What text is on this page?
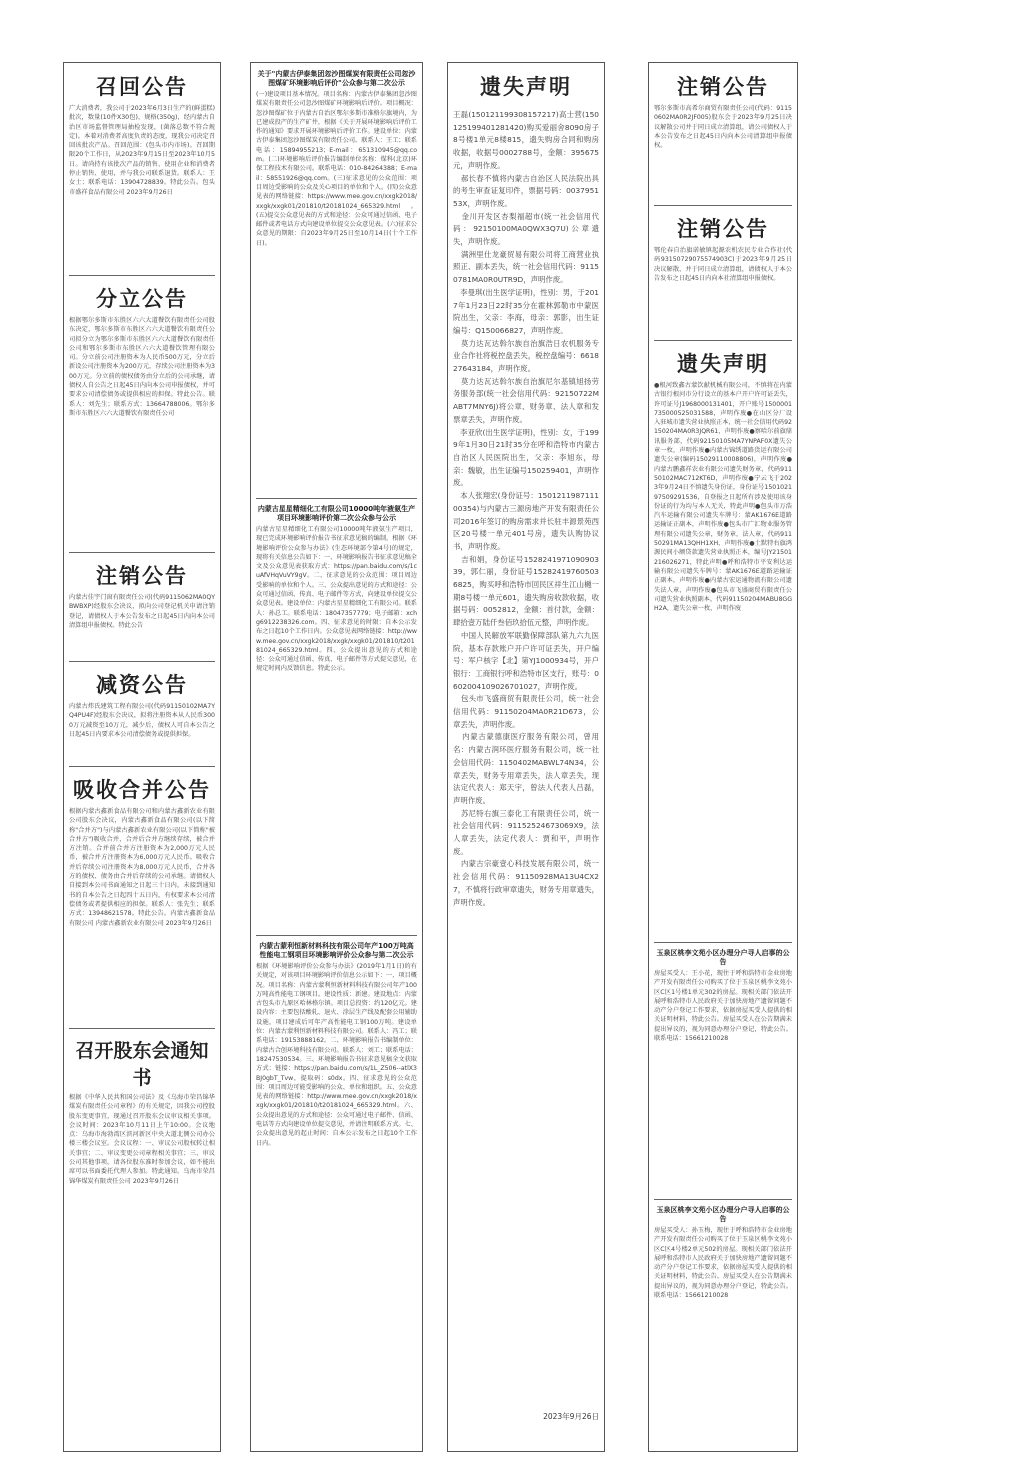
召回公告
广大消费者，我公司于2023年6月3日生产的(鲜蛋糕)批次，数量(10件X30包)，规格(350g)，经内蒙古自治区市场监督管理局抽检发现，(菌落总数不符合规定)。本着对消费者高度负责的态度，现我公司决定召回该批次产品。召回范围：(包头市内市场)。召回期限20个工作日，从2023年9月15日至2023年10月5日。请尚持有该批次产品的销售、使用企业和消费者停止销售、使用，并与我公司联系退货。联系人：王女士；联系电话：13904728839。特此公告。包头市盛祥食品有限公司 2023年9月26日
分立公告
根据鄂尔多斯市东胜区六六大道餐饮有限责任公司股东决定，鄂尔多斯市东胜区六六大道餐饮有限责任公司拟分立为鄂尔多斯市东胜区六六大道餐饮有限责任公司和鄂尔多斯市东胜区六六大道餐饮管理有限公司。分立前公司注册资本为人民币500万元，分立后新设公司注册资本为200万元，存续公司注册资本为300万元。分立前的债权债务由分立后的公司承继，请债权人自公告之日起45日内向本公司申报债权，并可要求公司清偿债务或提供相应的担保。特此公告。联系人：刘先生；联系方式：13664788006。鄂尔多斯市东胜区六六大道餐饮有限责任公司
注销公告
内蒙古佳宇门窗有限责任公司(代码9115062MA0QYBWBXP)经股东会决议，拟向公司登记机关申请注销登记，请债权人于本公告发布之日起45日内向本公司清算组申报债权。特此公告
减资公告
内蒙古炜氏建筑工程有限公司(代码91150102MA7YQ4PU4F)经股东会决议，拟将注册资本从人民币3000万元减资至10万元，减少后，债权人可自本公告之日起45日内要求本公司清偿债务或提供担保。
吸收合并公告
根据内蒙古鑫新食品有限公司和内蒙古鑫新农业有限公司股东会决议，内蒙古鑫新食品有限公司(以下简称"合并方")与内蒙古鑫新农业有限公司(以下简称"被合并方")吸收合并，合并后合并方继续存续，被合并方注销。合并前合并方注册资本为2,000万元人民币，被合并方注册资本为6,000万元人民币。吸收合并后存续公司注册资本为8,000万元人民币，合并各方的债权、债务由合并后存续的公司承继。请债权人自接到本公司书面通知之日起三十日内，未接到通知书的自本公告之日起四十五日内，有权要求本公司清偿债务或者提供相应的担保。联系人：张先生；联系方式：13948621578。特此公告。内蒙古鑫新食品有限公司 内蒙古鑫新农业有限公司 2023年9月26日
召开股东会通知书
根据《中华人民共和国公司法》及《乌海市荣昌锦华煤炭有限责任公司章程》的有关规定，因我公司控股股东变更事宜，现通过召开股东会议审议相关事项。会议时间：2023年10月11日上午10:00。会议地点：乌海市海勃湾区滨河新区中央大道北侧公司办公楼三楼会议室。会议议程：一、审议公司股权转让相关事宜；二、审议变更公司章程相关事宜；三、审议公司其他事项。请各位股东准时参加会议，如不能出席可以书面委托代理人参加。特此通知。乌海市荣昌锦华煤炭有限责任公司 2023年9月26日
关于"内蒙古伊泰集团忽沙图煤炭有限责任公司忽沙图煤矿环境影响后评价"公众参与第二次公示
(一)建设项目基本情况。项目名称：内蒙古伊泰集团忽沙图煤炭有限责任公司忽沙图煤矿环境影响后评价。项目概况：忽沙图煤矿位于内蒙古自治区鄂尔多斯市准格尔旗境内，为已建成投产的生产矿井，根据《关于开展环境影响后评价工作的通知》要求开展环境影响后评价工作。建设单位：内蒙古伊泰集团忽沙图煤炭有限责任公司。联系人：王工；联系电话：15894955213；E-mail：651310945@qq.com。(二)环境影响后评价报告编制单位名称：煤科(北京)环保工程技术有限公司。联系电话：010-84264388；E-mail：58551926@qq.com。(三)征求意见的公众范围：项目周边受影响的公众及关心项目的单位和个人。(四)公众意见表的网络链接：https://www.mee.gov.cn/xxgk2018/xxgk/xxgk01/201810/t20181024_665329.html。(五)提交公众意见表的方式和途径：公众可通过信函、电子邮件或者电话方式向建设单位提交公众意见表。(六)征求公众意见的期限：自2023年9月25日至10月14日(十个工作日)。
内蒙古星星精细化工有限公司10000吨年液氨生产项目环境影响评价第二次公众参与公示
内蒙古星星精细化工有限公司10000吨年液氨生产项目，现已完成环境影响评价报告书征求意见稿的编制，根据《环境影响评价公众参与办法》(生态环境部令第4号)的规定，现将有关信息公告如下：一、环境影响报告书征求意见稿全文及公众意见表获取方式：https://pan.baidu.com/s/1cuAfVHqVuVY9gV。二、征求意见的公众范围：项目周边受影响的单位和个人。三、公众提出意见的方式和途径：公众可通过信函、传真、电子邮件等方式，向建设单位提交公众意见表。建设单位：内蒙古星星精细化工有限公司。联系人：孙总工。联系电话：18047357779；电子邮箱：xchg6912238326.com。四、征求意见的时限：自本公示发布之日起10个工作日内。公众意见表网络链接：http://www.mee.gov.cn/xxgk2018/xxgk/xxgk01/201810/t20181024_665329.html。四、公众提出意见的方式和途径：公众可通过信函、传真、电子邮件等方式提交意见，在规定时间内反馈信息。特此公示。
内蒙古蒙利恒新材料科技有限公司年产100万吨高性能电工钢项目环境影响评价公众参与第二次公示
根据《环境影响评价公众参与办法》(2019年1月1日)的有关规定，对该项目环境影响评价信息公示如下：一、项目概况。项目名称：内蒙古蒙利恒新材料科技有限公司年产100万吨高性能电工钢项目。建设性质：新建。建设地点：内蒙古包头市九原区哈林格尔镇。项目总投资：约120亿元。建设内容：主要包括酸轧、退火、涂层生产线及配套公用辅助设施，项目建成后可年产高性能电工钢100万吨。建设单位：内蒙古蒙利恒新材料科技有限公司。联系人：冯工；联系电话：19153888162。二、环境影响报告书编制单位：内蒙古合创环境科技有限公司。联系人：刘工；联系电话：18247530534。三、环境影响报告书征求意见稿全文获取方式：链接：https://pan.baidu.com/s/1L_Z506--atlX3BJ0gbT_Tvw，提取码：s0dx。四、征求意见的公众范围：项目周边可能受影响的公众、单位和组织。五、公众意见表的网络链接：http://www.mee.gov.cn/xxgk2018/xxgk/xxgk01/201810/t20181024_665329.html。六、公众提出意见的方式和途径：公众可通过电子邮件、信函、电话等方式向建设单位提交意见，并请注明联系方式。七、公众提出意见的起止时间：自本公示发布之日起10个工作日内。
遗失声明
王磊(150121199308157217)高士营(150125199401281420)购买爱丽舍8090房子8号楼1单元8楼815，遗失购房合同和购房收据，收据号0002788号，金额：395675元，声明作废。
郝长春不慎将内蒙古自治区人民法院出具的考生审查证复印件，票据号码：003795153X，声明作废。
金川开发区杏梨福超市(统一社会信用代码：92150100MA0QWX3Q7U)公章遗失，声明作废。
满洲里仕龙豪贸易有限公司将工商营业执照正、副本丢失，统一社会信用代码：91150781MA0R0UTR9D，声明作废。
李曼琪(出生医学证明)，性别：男，于2017年1月23日22时35分在霍林郭勒市中蒙医院出生，父亲：李海，母亲：郭影，出生证编号：Q150066827，声明作废。
莫力达瓦达斡尔族自治旗浩日农机服务专业合作社将税控盘丢失，税控盘编号：661827643184，声明作废。
莫力达瓦达斡尔族自治旗尼尔基镇旭扬劳务服务部(统一社会信用代码：92150722MABT7MNY6J)将公章、财务章、法人章和发票章丢失，声明作废。
李亚欣(出生医学证明)，性别：女，于1999年1月30日21时35分在呼和浩特市内蒙古自治区人民医院出生，父亲：李旭东，母亲：魏敏，出生证编号150259401，声明作废。
本人张翔宏(身份证号：150121198711100354)与内蒙古三源房地产开发有限责任公司2016年签订的购房需求并长驻丰源景苑西区20号楼一单元401号房，遗失认购协议书，声明作废。
吉和娟，身份证号152824197109090339，郭仁丽，身份证号152824197605036825，购买呼和浩特市回民区祥生江山樾一期8号楼一单元601，遗失购房收款收据，收据号码：0052812，金额：首付款，金额：肆拾壹万陆仟叁佰玖拾伍元整，声明作废。
中国人民解放军联勤保障部队第九六九医院，基本存款账户开户许可证丢失，开户编号：军户核字【北】第YJ1000934号，开户银行：工商银行呼和浩特市区支行，账号：0602004109026701027，声明作废。
包头市飞盛商贸有限责任公司，统一社会信用代码：91150204MA0R21D673，公章丢失，声明作废。
内蒙古蒙德康医疗服务有限公司，曾用名：内蒙古润环医疗服务有限公司，统一社会信用代码：1150402MABWL74N34，公章丢失，财务专用章丢失，法人章丢失，现法定代表人：郑天宇，曾法人代表人吕磊，声明作废。
苏尼特右旗三泰化工有限责任公司，统一社会信用代码：91152524673069X9，法人章丢失，法定代表人：贾和平，声明作废。
内蒙古宗豪壹心科技发展有限公司，统一社会信用代码：91150928MA13U4CX27，不慎将行政审章遗失，财务专用章遗失，声明作废。
2023年9月26日
注销公告
鄂尔多斯市高希尔商贸有限责任公司(代码：91150602MA0R2JF005)股东会于2023年9月25日决议解散公司并于同日成立清算组，请公司债权人于本公告发布之日起45日内向本公司清算组申报债权。
注销公告
鄂伦春自治旗诺敏镇起源农机农民专业合作社(代码93150729075574903C)于2023年9月25日决议解散，并于同日成立清算组，请债权人于本公告发布之日起45日内向本社清算组申报债权。
遗失声明
●根河致鑫古蒙饮献机械有限公司，不慎将在内蒙古银行根河市分行设立的基本户开户许可证丢失，许可证号J1968000131401，开户账号1500001735000525031588，声明作废●在山区分厂设入驻城市遗失营业执照正本，统一社会信用代码92150204MA0R3JQR61，声明作废●察哈尔前旗鼎讯服务部，代码92150105MA7YNPAF0X遗失公章一枚，声明作废●内蒙古锦绣道路货运有限公司遗失公章(编码15029110008806)，声明作废●内蒙古鹏鑫祥农业有限公司遗失财务章，代码91150102MAC712KT6D，声明作废●宁云飞于2023年9月24日不慎遗失身份证，身份证号150102197509291536，自登报之日起所有涉及使用该身份证的行为均与本人无关，特此声明●包头市万浩汽车运输有限公司遗失车牌号：蒙AK1676E道路运输证正副本，声明作废●包头市广汇物业服务管理有限公司遗失公章，财务章，法人章，代码91150291MA13QHH1XH，声明作废●土默特右旗鸿源民间小额贷款遗失营业执照正本，编号JY21501216026271，特此声明●呼和浩特市平安利达运输有限公司遗失车牌号：蒙AK1676E道路运输证正副本，声明作废●内蒙古宏运通物流有限公司遗失法人章，声明作废●包头市飞盛商贸有限责任公司遗失营业执照副本，代码91150204MABU8GGH2A，遗失公章一枚，声明作废
玉泉区桃李文苑小区办理分户寻人启事的公告
房屋买受人：王小花，现住于呼和浩特市金业房地产开发有限责任公司购买了位于玉泉区桃李文苑小区C区1号楼1单元302的房屋。现相关部门依法开展呼和浩特市人民政府关于加快房地产遗留问题不动产分户登记工作要求，依据房屋买受人提供的相关证明材料，特此公告。房屋买受人在公告期满未提出异议的，视为同意办理分户登记，特此公告。联系电话：15661210028
玉泉区桃李文苑小区办理分户寻人启事的公告
房屋买受人：孙玉梅，现住于呼和浩特市金业房地产开发有限责任公司购买了位于玉泉区桃李文苑小区C区4号楼2单元502的房屋。现相关部门依法开展呼和浩特市人民政府关于加快房地产遗留问题不动产分户登记工作要求，依据房屋买受人提供的相关证明材料，特此公告。房屋买受人在公告期满未提出异议的，视为同意办理分户登记，特此公告。联系电话：15661210028
